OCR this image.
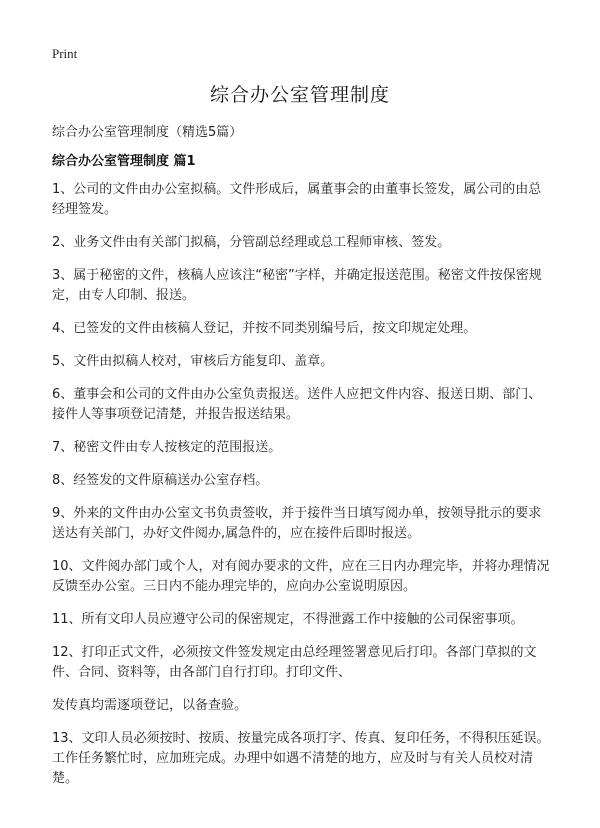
Print
综合办公室管理制度
综合办公室管理制度（精选5篇）
综合办公室管理制度 篇1

1、公司的文件由办公室拟稿。文件形成后，属董事会的由董事长签发，属公司的由总经理签发。

2、业务文件由有关部门拟稿，分管副总经理或总工程师审核、签发。

3、属于秘密的文件，核稿人应该注“秘密”字样，并确定报送范围。秘密文件按保密规定，由专人印制、报送。

4、已签发的文件由核稿人登记，并按不同类别编号后，按文印规定处理。

5、文件由拟稿人校对，审核后方能复印、盖章。

6、董事会和公司的文件由办公室负责报送。送件人应把文件内容、报送日期、部门、接件人等事项登记清楚，并报告报送结果。

7、秘密文件由专人按核定的范围报送。

8、经签发的文件原稿送办公室存档。

9、外来的文件由办公室文书负责签收，并于接件当日填写阅办单，按领导批示的要求送达有关部门，办好文件阅办,属急件的，应在接件后即时报送。

10、文件阅办部门或个人，对有阅办要求的文件，应在三日内办理完毕，并将办理情况反馈至办公室。三日内不能办理完毕的，应向办公室说明原因。

11、所有文印人员应遵守公司的保密规定，不得泄露工作中接触的公司保密事项。

12、打印正式文件，必须按文件签发规定由总经理签署意见后打印。各部门草拟的文件、合同、资料等，由各部门自行打印。打印文件、

发传真均需逐项登记，以备查验。

13、文印人员必须按时、按质、按量完成各项打字、传真、复印任务，不得积压延误。工作任务繁忙时，应加班完成。办理中如遇不清楚的地方，应及时与有关人员校对清楚。
